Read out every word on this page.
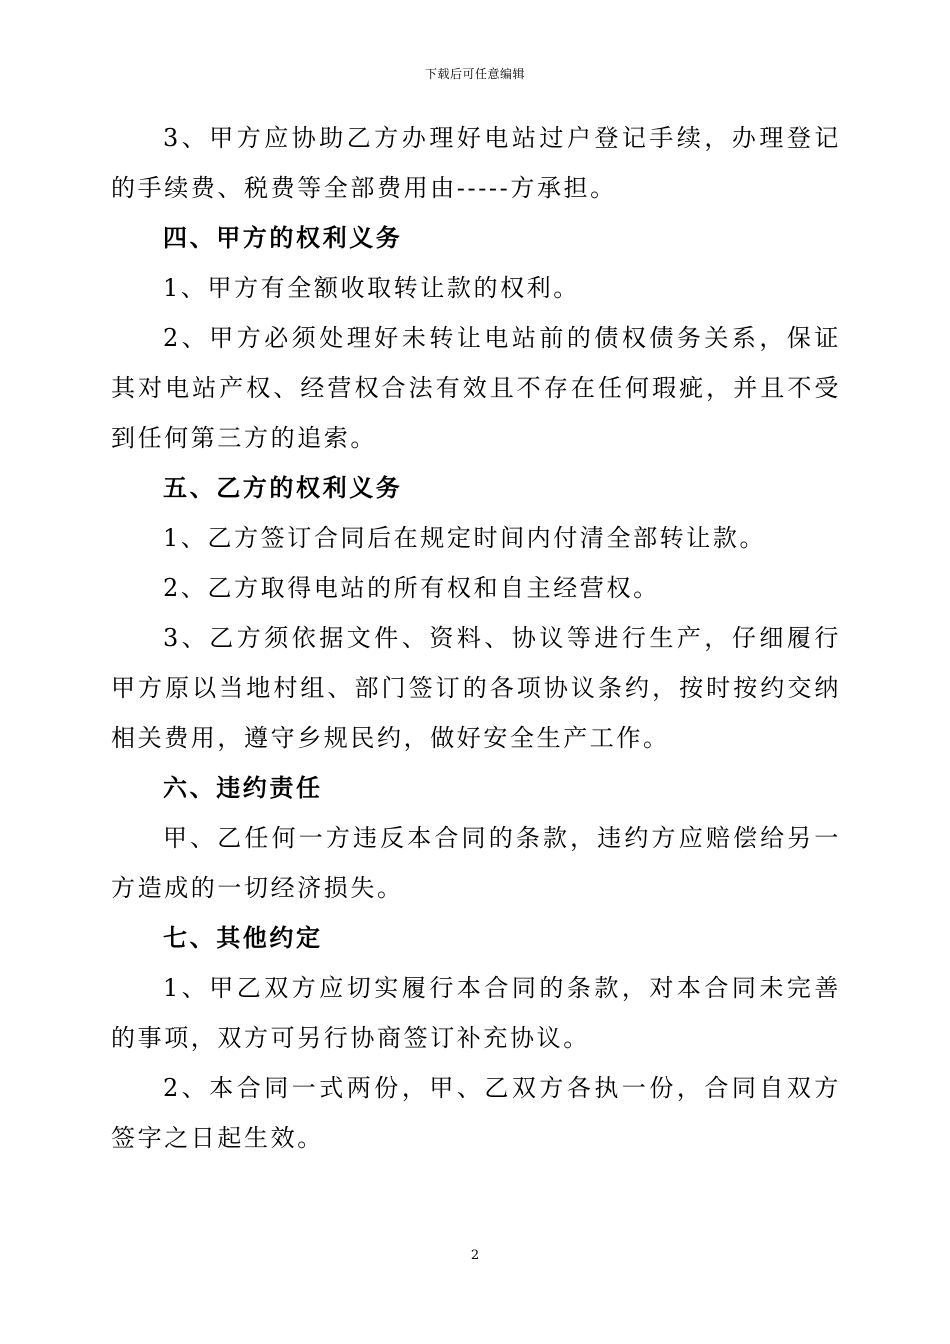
下载后可任意编辑

3、甲方应协助乙方办理好电站过户登记手续，办理登记的手续费、税费等全部费用由-----方承担。

四、甲方的权利义务

1、甲方有全额收取转让款的权利。

2、甲方必须处理好未转让电站前的债权债务关系，保证其对电站产权、经营权合法有效且不存在任何瑕疵，并且不受到任何第三方的追索。

五、乙方的权利义务

1、乙方签订合同后在规定时间内付清全部转让款。

2、乙方取得电站的所有权和自主经营权。

3、乙方须依据文件、资料、协议等进行生产，仔细履行甲方原以当地村组、部门签订的各项协议条约，按时按约交纳相关费用，遵守乡规民约，做好安全生产工作。

六、违约责任

甲、乙任何一方违反本合同的条款，违约方应赔偿给另一方造成的一切经济损失。

七、其他约定

1、甲乙双方应切实履行本合同的条款，对本合同未完善的事项，双方可另行协商签订补充协议。

2、本合同一式两份，甲、乙双方各执一份，合同自双方签字之日起生效。

2
